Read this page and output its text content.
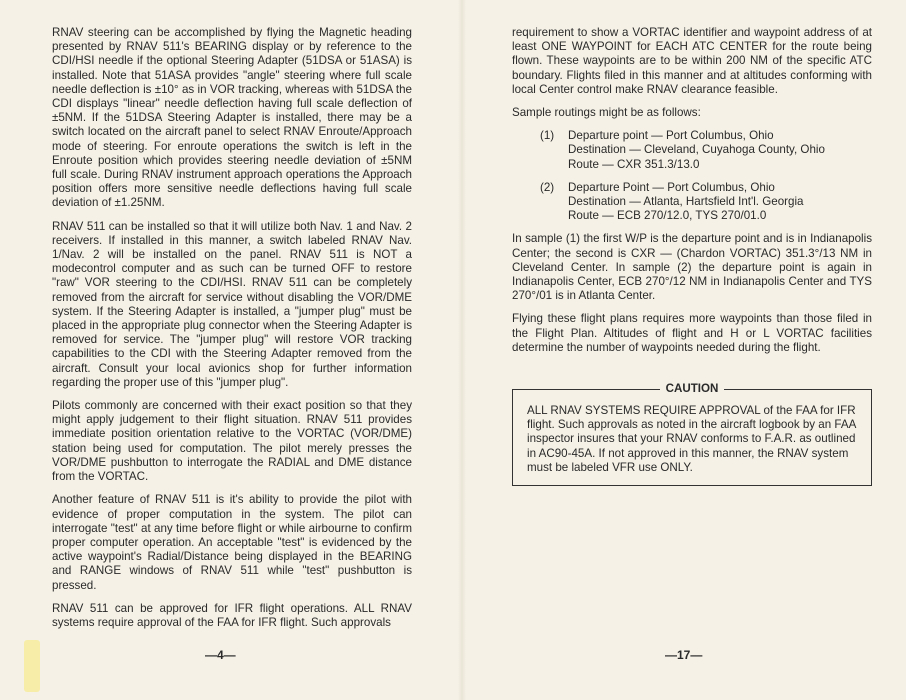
RNAV steering can be accomplished by flying the Magnetic heading presented by RNAV 511's BEARING display or by reference to the CDI/HSI needle if the optional Steering Adapter (51DSA or 51ASA) is installed. Note that 51ASA provides "angle" steering where full scale needle deflection is ±10° as in VOR tracking, whereas with 51DSA the CDI displays "linear" needle deflection having full scale deflection of ±5NM. If the 51DSA Steering Adapter is installed, there may be a switch located on the aircraft panel to select RNAV Enroute/Approach mode of steering. For enroute operations the switch is left in the Enroute position which provides steering needle deviation of ±5NM full scale. During RNAV instrument approach operations the Approach position offers more sensitive needle deflections having full scale deviation of ±1.25NM.

RNAV 511 can be installed so that it will utilize both Nav. 1 and Nav. 2 receivers. If installed in this manner, a switch labeled RNAV Nav. 1/Nav. 2 will be installed on the panel. RNAV 511 is NOT a modecontrol computer and as such can be turned OFF to restore "raw" VOR steering to the CDI/HSI. RNAV 511 can be completely removed from the aircraft for service without disabling the VOR/DME system. If the Steering Adapter is installed, a "jumper plug" must be placed in the appropriate plug connector when the Steering Adapter is removed for service. The "jumper plug" will restore VOR tracking capabilities to the CDI with the Steering Adapter removed from the aircraft. Consult your local avionics shop for further information regarding the proper use of this "jumper plug".

Pilots commonly are concerned with their exact position so that they might apply judgement to their flight situation. RNAV 511 provides immediate position orientation relative to the VORTAC (VOR/DME) station being used for computation. The pilot merely presses the VOR/DME pushbutton to interrogate the RADIAL and DME distance from the VORTAC.

Another feature of RNAV 511 is it's ability to provide the pilot with evidence of proper computation in the system. The pilot can interrogate "test" at any time before flight or while airbourne to confirm proper computer operation. An acceptable "test" is evidenced by the active waypoint's Radial/Distance being displayed in the BEARING and RANGE windows of RNAV 511 while "test" pushbutton is pressed.

RNAV 511 can be approved for IFR flight operations. ALL RNAV systems require approval of the FAA for IFR flight. Such approvals

—4—

requirement to show a VORTAC identifier and waypoint address of at least ONE WAYPOINT for EACH ATC CENTER for the route being flown. These waypoints are to be within 200 NM of the specific ATC boundary. Flights filed in this manner and at altitudes conforming with local Center control make RNAV clearance feasible.

Sample routings might be as follows:

(1)	Departure point — Port Columbus, Ohio
Destination — Cleveland, Cuyahoga County, Ohio
Route — CXR 351.3/13.0
(2)	Departure Point — Port Columbus, Ohio
Destination — Atlanta, Hartsfield Int'l. Georgia
Route — ECB 270/12.0, TYS 270/01.0

In sample (1) the first W/P is the departure point and is in Indianapolis Center; the second is CXR — (Chardon VORTAC) 351.3°/13 NM in Cleveland Center. In sample (2) the departure point is again in Indianapolis Center, ECB 270°/12 NM in Indianapolis Center and TYS 270°/01 is in Atlanta Center.

Flying these flight plans requires more waypoints than those filed in the Flight Plan. Altitudes of flight and H or L VORTAC facilities determine the number of waypoints needed during the flight.

CAUTION
ALL RNAV SYSTEMS REQUIRE APPROVAL of the FAA for IFR flight. Such approvals as noted in the aircraft logbook by an FAA inspector insures that your RNAV conforms to F.A.R. as outlined in AC90-45A. If not approved in this manner, the RNAV system must be labeled VFR use ONLY.
—17—
